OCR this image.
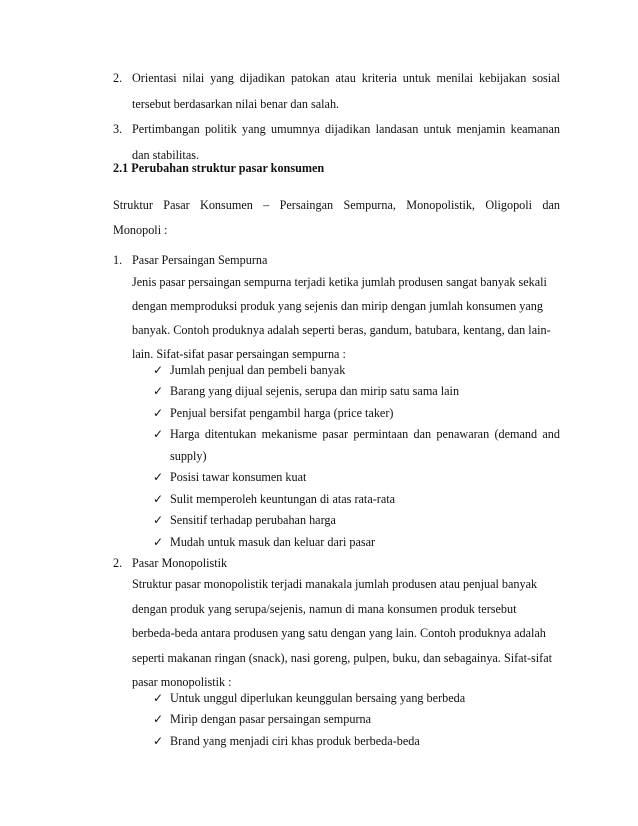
2. Orientasi nilai yang dijadikan patokan atau kriteria untuk menilai kebijakan sosial
tersebut berdasarkan nilai benar dan salah.
3. Pertimbangan politik yang umumnya dijadikan landasan untuk menjamin keamanan
dan stabilitas.
2.1 Perubahan struktur pasar konsumen
Struktur Pasar Konsumen – Persaingan Sempurna, Monopolistik, Oligopoli dan
Monopoli :
1. Pasar Persaingan Sempurna
Jenis pasar persaingan sempurna terjadi ketika jumlah produsen sangat banyak sekali
dengan memproduksi produk yang sejenis dan mirip dengan jumlah konsumen yang
banyak. Contoh produknya adalah seperti beras, gandum, batubara, kentang, dan lain-
lain. Sifat-sifat pasar persaingan sempurna :
✓ Jumlah penjual dan pembeli banyak
✓ Barang yang dijual sejenis, serupa dan mirip satu sama lain
✓ Penjual bersifat pengambil harga (price taker)
✓ Harga ditentukan mekanisme pasar permintaan dan penawaran (demand and
supply)
✓ Posisi tawar konsumen kuat
✓ Sulit memperoleh keuntungan di atas rata-rata
✓ Sensitif terhadap perubahan harga
✓ Mudah untuk masuk dan keluar dari pasar
2. Pasar Monopolistik
Struktur pasar monopolistik terjadi manakala jumlah produsen atau penjual banyak
dengan produk yang serupa/sejenis, namun di mana konsumen produk tersebut
berbeda-beda antara produsen yang satu dengan yang lain. Contoh produknya adalah
seperti makanan ringan (snack), nasi goreng, pulpen, buku, dan sebagainya. Sifat-sifat
pasar monopolistik :
✓ Untuk unggul diperlukan keunggulan bersaing yang berbeda
✓ Mirip dengan pasar persaingan sempurna
✓ Brand yang menjadi ciri khas produk berbeda-beda
